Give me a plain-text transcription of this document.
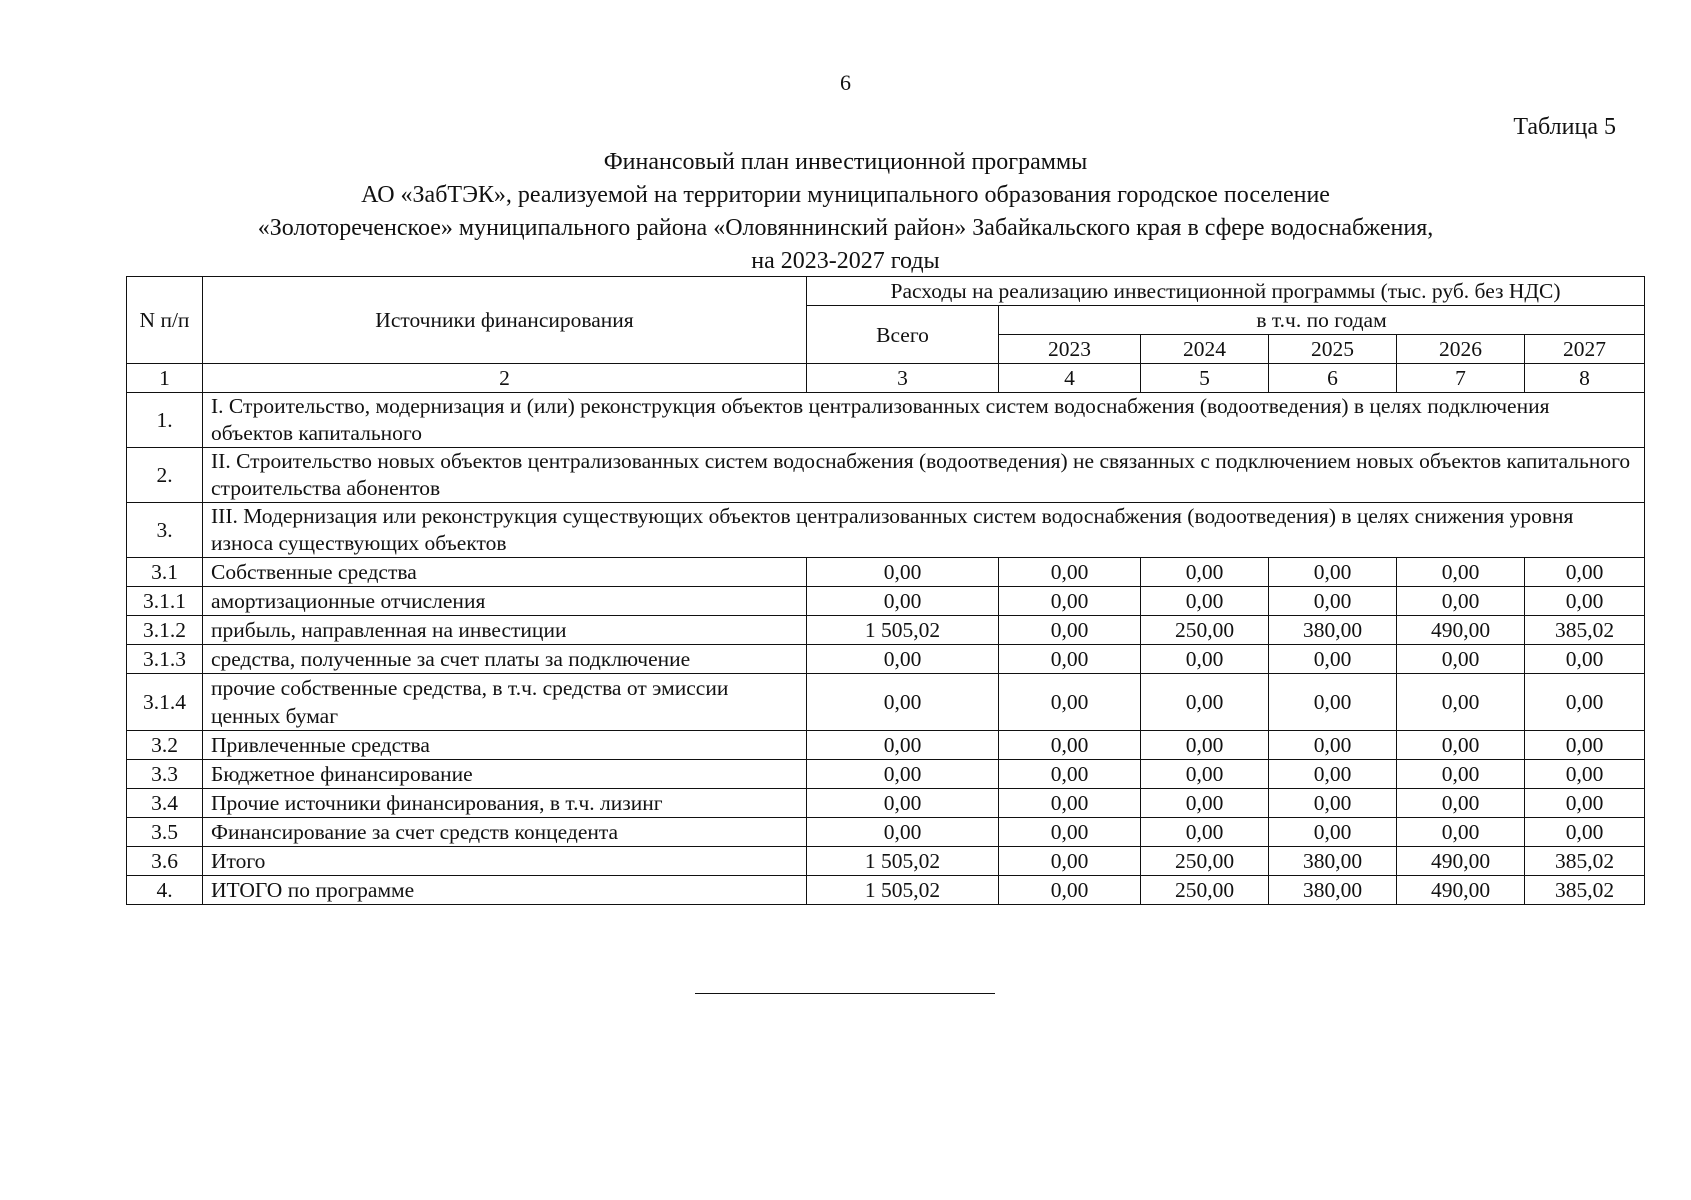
6
Таблица 5
Финансовый план инвестиционной программы
АО «ЗабТЭК», реализуемой на территории муниципального образования городское поселение
«Золотореченское» муниципального района «Оловяннинский район» Забайкальского края в сфере водоснабжения,
на 2023-2027 годы
N п/п	Источники финансирования	Расходы на реализацию инвестиционной программы (тыс. руб. без НДС)					
		Всего	в т.ч. по годам				
			2023	2024	2025	2026	2027
1	2	3	4	5	6	7	8
1.	I. Строительство, модернизация и (или) реконструкция объектов централизованных систем водоснабжения (водоотведения) в целях подключения объектов капитального						
2.	II. Строительство новых объектов централизованных систем водоснабжения (водоотведения) не связанных с подключением новых объектов капитального строительства абонентов						
3.	III. Модернизация или реконструкция существующих объектов централизованных систем водоснабжения (водоотведения) в целях снижения уровня износа существующих объектов						
3.1	Собственные средства	0,00	0,00	0,00	0,00	0,00	0,00
3.1.1	амортизационные отчисления	0,00	0,00	0,00	0,00	0,00	0,00
3.1.2	прибыль, направленная на инвестиции	1 505,02	0,00	250,00	380,00	490,00	385,02
3.1.3	средства, полученные за счет платы за подключение	0,00	0,00	0,00	0,00	0,00	0,00
3.1.4	прочие собственные средства, в т.ч. средства от эмиссии ценных бумаг	0,00	0,00	0,00	0,00	0,00	0,00
3.2	Привлеченные средства	0,00	0,00	0,00	0,00	0,00	0,00
3.3	Бюджетное финансирование	0,00	0,00	0,00	0,00	0,00	0,00
3.4	Прочие источники финансирования, в т.ч. лизинг	0,00	0,00	0,00	0,00	0,00	0,00
3.5	Финансирование за счет средств концедента	0,00	0,00	0,00	0,00	0,00	0,00
3.6	Итого	1 505,02	0,00	250,00	380,00	490,00	385,02
4.	ИТОГО по программе	1 505,02	0,00	250,00	380,00	490,00	385,02
